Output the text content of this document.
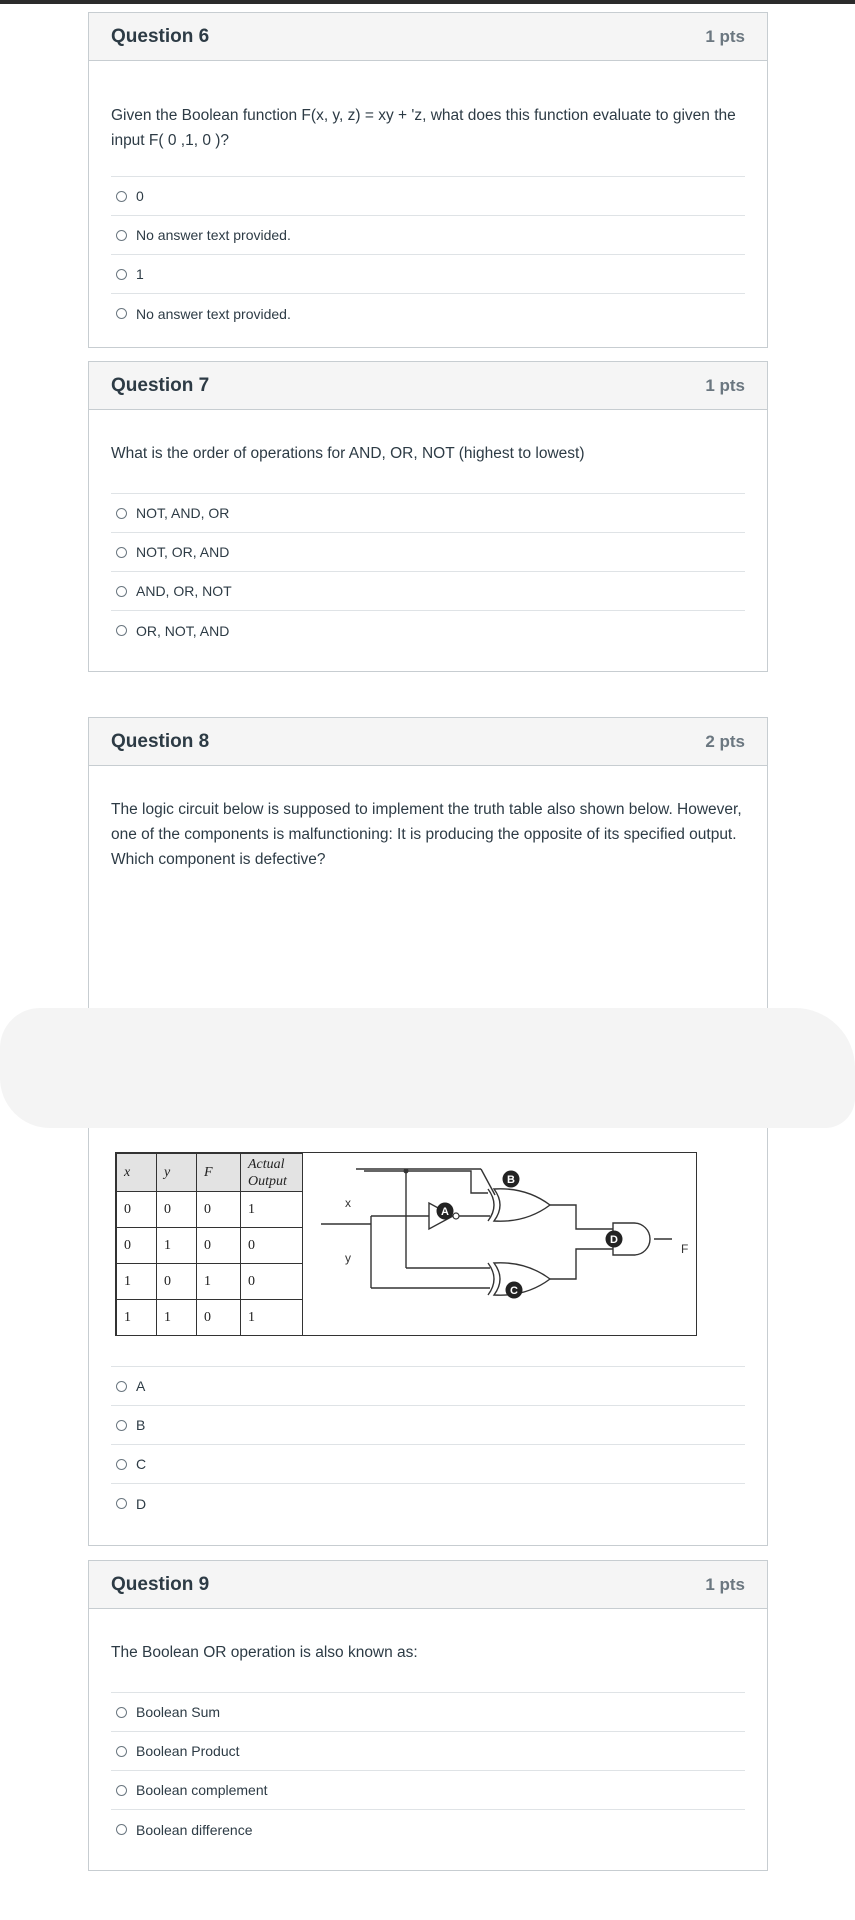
Question 6	1 pts
Given the Boolean function F(x, y, z) = xy + 'z, what does this function evaluate to given the input F( 0 ,1, 0 )?
0
No answer text provided.
1
No answer text provided.
Question 7	1 pts
What is the order of operations for AND, OR, NOT (highest to lowest)
NOT, AND, OR
NOT, OR, AND
AND, OR, NOT
OR, NOT, AND
Question 8	2 pts
The logic circuit below is supposed to implement the truth table also shown below. However, one of the components is malfunctioning: It is producing the opposite of its specified output. Which component is defective?
A
B
C
D
x	y	F	Actual
Output
0	0	0	1
0	1	0	0
1	0	1	0
1	1	0	1
A
B
C
D
x
y
F
Question 9	1 pts
The Boolean OR operation is also known as:
Boolean Sum
Boolean Product
Boolean complement
Boolean difference
